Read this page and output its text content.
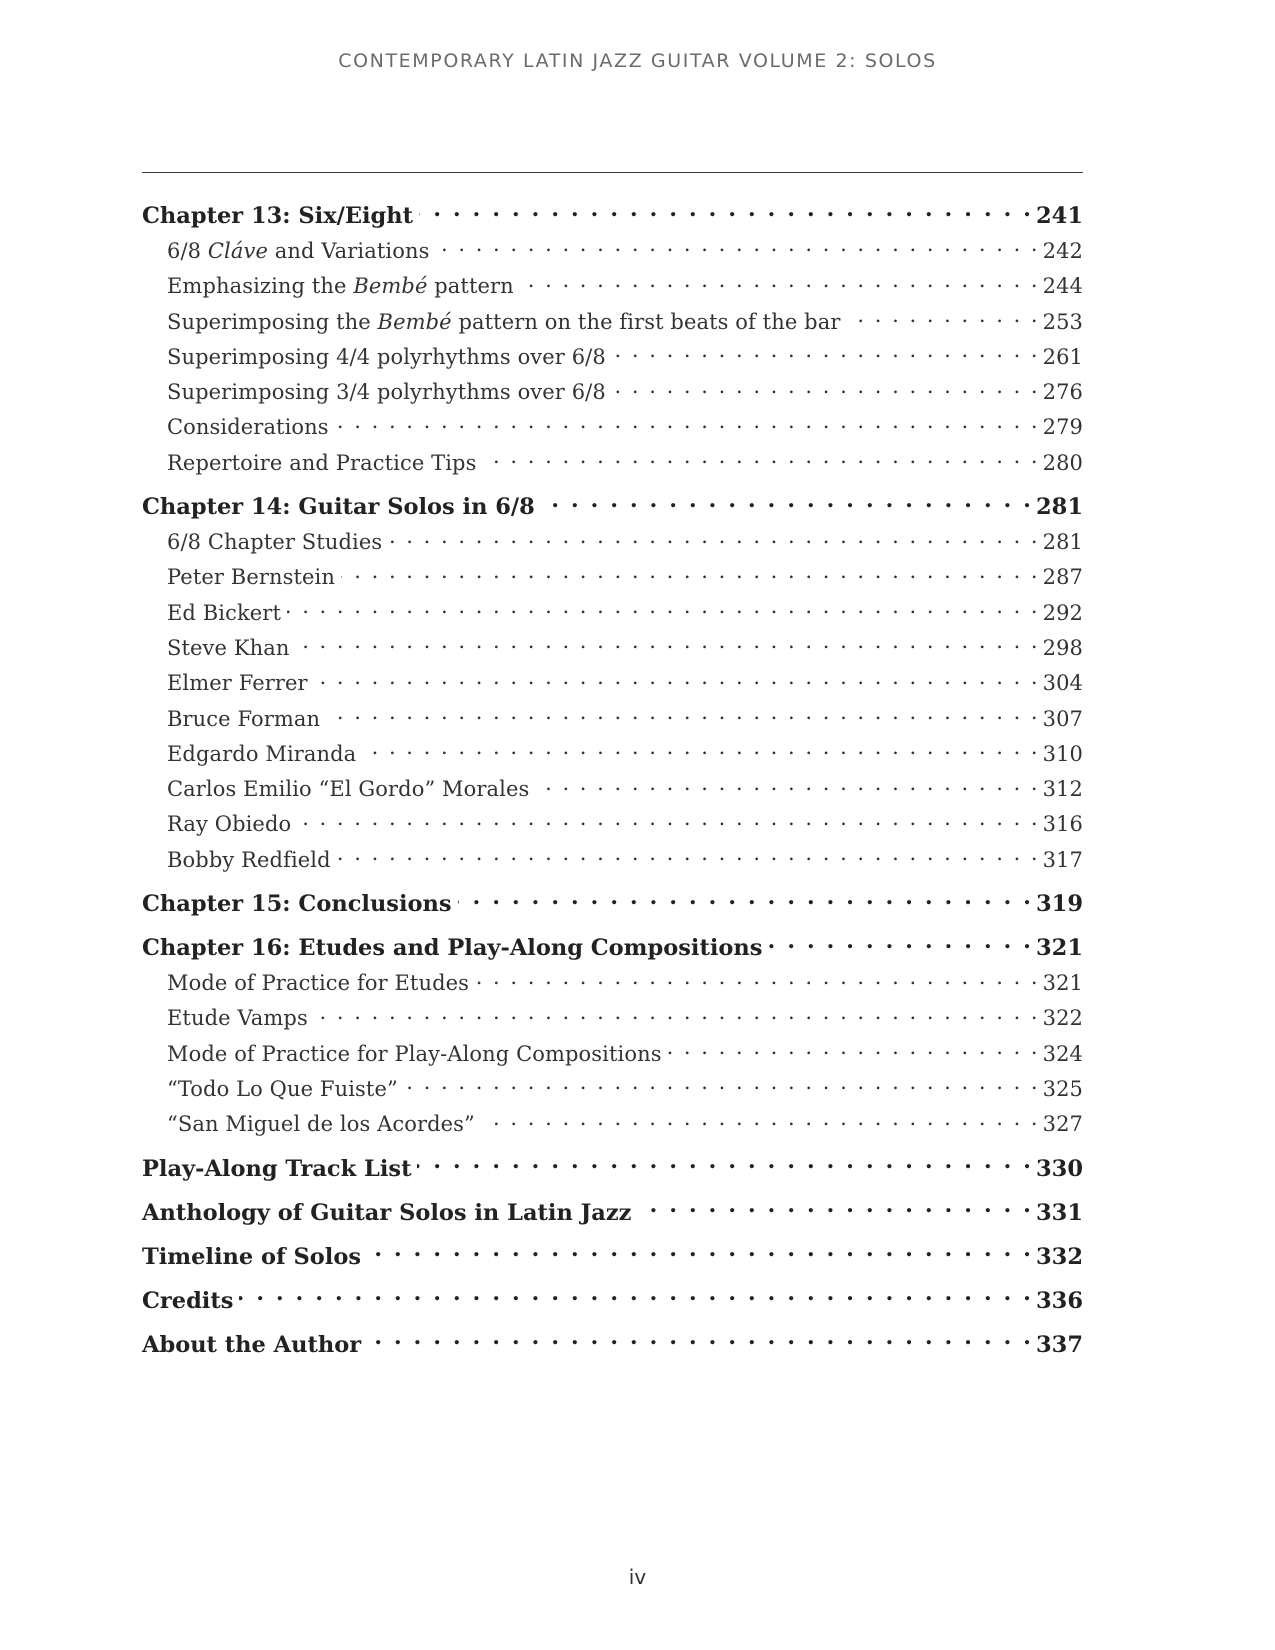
CONTEMPORARY LATIN JAZZ GUITAR VOLUME 2: SOLOS
Chapter 13: Six/Eight . . .	241
6/8 Cláve and Variations . . .	242
Emphasizing the Bembé pattern . . .	244
Superimposing the Bembé pattern on the first beats of the bar . . .	253
Superimposing 4/4 polyrhythms over 6/8 . . .	261
Superimposing 3/4 polyrhythms over 6/8 . . .	276
Considerations . . .	279
Repertoire and Practice Tips . . .	280
Chapter 14: Guitar Solos in 6/8 . . .	281
6/8 Chapter Studies . . .	281
Peter Bernstein . . .	287
Ed Bickert . . .	292
Steve Khan . . .	298
Elmer Ferrer . . .	304
Bruce Forman . . .	307
Edgardo Miranda . . .	310
Carlos Emilio “El Gordo” Morales . . .	312
Ray Obiedo . . .	316
Bobby Redfield . . .	317
Chapter 15: Conclusions . . .	319
Chapter 16: Etudes and Play-Along Compositions . . .	321
Mode of Practice for Etudes . . .	321
Etude Vamps . . .	322
Mode of Practice for Play-Along Compositions . . .	324
“Todo Lo Que Fuiste” . . .	325
“San Miguel de los Acordes” . . .	327
Play-Along Track List . . .	330
Anthology of Guitar Solos in Latin Jazz . . .	331
Timeline of Solos . . .	332
Credits . . .	336
About the Author . . .	337
iv
